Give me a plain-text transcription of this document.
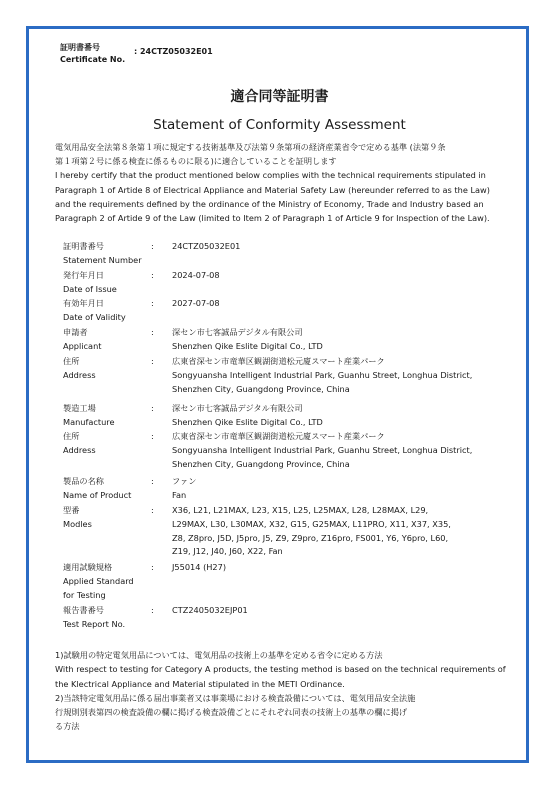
証明書番号	: 24CTZ05032E01
Certificate No.
適合同等証明書
Statement of Conformity Assessment
電気用品安全法第８条第１項に規定する技術基準及び法第９条第項の経済産業省令で定める基準 (法第９条
第１項第２号に係る検査に係るものに限る)に適合していることを証明します
I hereby certify that the product mentioned below complies with the technical requirements stipulated in
Paragraph 1 of Artide 8 of Electrical Appliance and Material Safety Law (hereunder referred to as the Law)
and the requirements defined by the ordinance of the Ministry of Economy, Trade and Industry based an
Paragraph 2 of Artide 9 of the Law (limited to Item 2 of Paragraph 1 of Article 9 for Inspection of the Law).
証明書番号
Statement Number
: 24CTZ05032E01
発行年月日
Date of Issue
: 2024-07-08
有効年月日
Date of Validity
: 2027-07-08
申請者
Applicant
: 深セン市七客誠品デジタル有限公司
Shenzhen Qike Eslite Digital Co., LTD
住所
Address
: 広東省深セン市竜華区観湖街道松元廈スマート産業パーク
Songyuansha Intelligent Industrial Park, Guanhu Street, Longhua District,
Shenzhen City, Guangdong Province, China
製造工場
Manufacture
: 深セン市七客誠品デジタル有限公司
Shenzhen Qike Eslite Digital Co., LTD
住所
Address
: 広東省深セン市竜華区観湖街道松元廈スマート産業パーク
Songyuansha Intelligent Industrial Park, Guanhu Street, Longhua District,
Shenzhen City, Guangdong Province, China
製品の名称
Name of Product
: ファン
Fan
型番
Modles
: X36, L21, L21MAX, L23, X15, L25, L25MAX, L28, L28MAX, L29,
L29MAX, L30, L30MAX, X32, G15, G25MAX, L11PRO, X11, X37, X35,
Z8, Z8pro, J5D, J5pro, J5, Z9, Z9pro, Z16pro, FS001, Y6, Y6pro, L60,
Z19, J12, J40, J60, X22, Fan
適用試験規格
Applied Standard
for Testing
: J55014 (H27)
報告書番号
Test Report No.
: CTZ2405032EJP01
1)試験用の特定電気用品については、電気用品の技術上の基準を定める省令に定める方法
With respect to testing for Category A products, the testing method is based on the technical requirements of
the Klectrical Appliance and Material stipulated in the METI Ordinance.
2)当該特定電気用品に係る届出事業者又は事業場における検査設備については、電気用品安全法施
行規則別表第四の検査設備の欄に掲げる検査設備ごとにそれぞれ同表の技術上の基準の欄に掲げ
る方法
